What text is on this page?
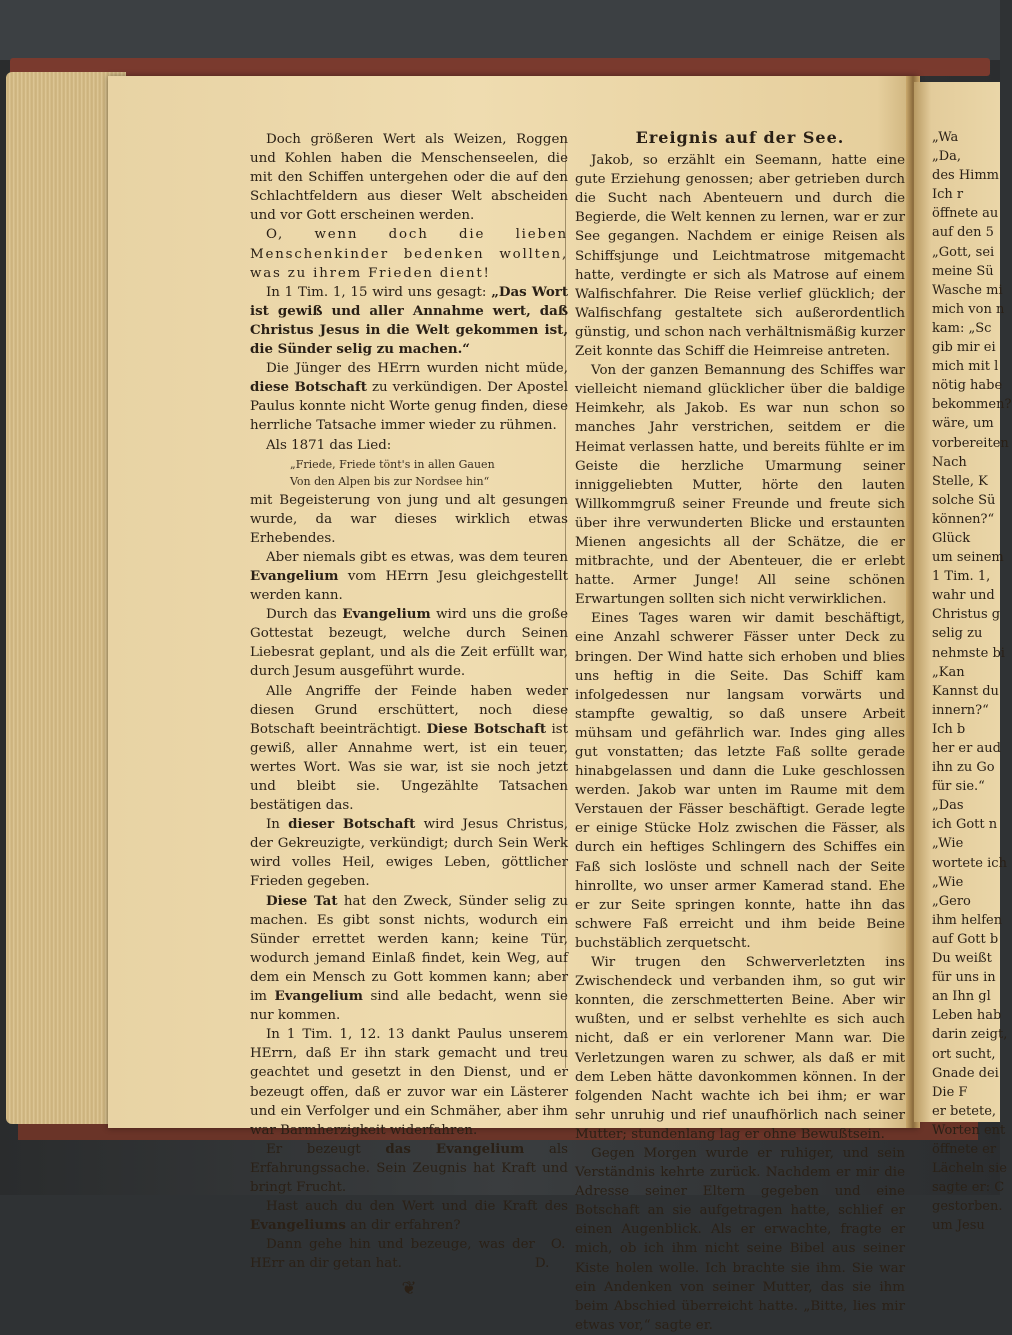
Doch größeren Wert als Weizen, Roggen und Kohlen haben die Menschenseelen, die mit den Schiffen untergehen oder die auf den Schlachtfeldern aus dieser Welt abscheiden und vor Gott erscheinen werden.

O, wenn doch die lieben Menschenkinder bedenken wollten, was zu ihrem Frieden dient!

In 1 Tim. 1, 15 wird uns gesagt: „Das Wort ist gewiß und aller Annahme wert, daß Christus Jesus in die Welt gekommen ist, die Sünder selig zu machen.“

Die Jünger des HErrn wurden nicht müde, diese Botschaft zu verkündigen. Der Apostel Paulus konnte nicht Worte genug finden, diese herrliche Tatsache immer wieder zu rühmen.

Als 1871 das Lied:

„Friede, Friede tönt's in allen Gauen

Von den Alpen bis zur Nordsee hin“

mit Begeisterung von jung und alt gesungen wurde, da war dieses wirklich etwas Erhebendes.

Aber niemals gibt es etwas, was dem teuren Evangelium vom HErrn Jesu gleichgestellt werden kann.

Durch das Evangelium wird uns die große Gottestat bezeugt, welche durch Seinen Liebesrat geplant, und als die Zeit erfüllt war, durch Jesum ausgeführt wurde.

Alle Angriffe der Feinde haben weder diesen Grund erschüttert, noch diese Botschaft beeinträchtigt. Diese Botschaft ist gewiß, aller Annahme wert, ist ein teuer, wertes Wort. Was sie war, ist sie noch jetzt und bleibt sie. Ungezählte Tatsachen bestätigen das.

In dieser Botschaft wird Jesus Christus, der Gekreuzigte, verkündigt; durch Sein Werk wird volles Heil, ewiges Leben, göttlicher Frieden gegeben.

Diese Tat hat den Zweck, Sünder selig zu machen. Es gibt sonst nichts, wodurch ein Sünder errettet werden kann; keine Tür, wodurch jemand Einlaß findet, kein Weg, auf dem ein Mensch zu Gott kommen kann; aber im Evangelium sind alle bedacht, wenn sie nur kommen.

In 1 Tim. 1, 12. 13 dankt Paulus unserem HErrn, daß Er ihn stark gemacht und treu geachtet und gesetzt in den Dienst, und er bezeugt offen, daß er zuvor war ein Lästerer und ein Verfolger und ein Schmäher, aber ihm war Barmherzigkeit widerfahren.

Er bezeugt das Evangelium als Erfahrungssache. Sein Zeugnis hat Kraft und bringt Frucht.

Hast auch du den Wert und die Kraft des Evangeliums an dir erfahren?

Dann gehe hin und bezeuge, was der HErr an dir getan hat.
O. D.

❦
Ereignis auf der See.

Jakob, so erzählt ein Seemann, hatte eine gute Erziehung genossen; aber getrieben durch die Sucht nach Abenteuern und durch die Begierde, die Welt kennen zu lernen, war er zur See gegangen. Nachdem er einige Reisen als Schiffsjunge und Leichtmatrose mitgemacht hatte, verdingte er sich als Matrose auf einem Walfischfahrer. Die Reise verlief glücklich; der Walfischfang gestaltete sich außerordentlich günstig, und schon nach verhältnismäßig kurzer Zeit konnte das Schiff die Heimreise antreten.

Von der ganzen Bemannung des Schiffes war vielleicht niemand glücklicher über die baldige Heimkehr, als Jakob. Es war nun schon so manches Jahr verstrichen, seitdem er die Heimat verlassen hatte, und bereits fühlte er im Geiste die herzliche Umarmung seiner inniggeliebten Mutter, hörte den lauten Willkommgruß seiner Freunde und freute sich über ihre verwunderten Blicke und erstaunten Mienen angesichts all der Schätze, die er mitbrachte, und der Abenteuer, die er erlebt hatte. Armer Junge! All seine schönen Erwartungen sollten sich nicht verwirklichen.

Eines Tages waren wir damit beschäftigt, eine Anzahl schwerer Fässer unter Deck zu bringen. Der Wind hatte sich erhoben und blies uns heftig in die Seite. Das Schiff kam infolgedessen nur langsam vorwärts und stampfte gewaltig, so daß unsere Arbeit mühsam und gefährlich war. Indes ging alles gut vonstatten; das letzte Faß sollte gerade hinabgelassen und dann die Luke geschlossen werden. Jakob war unten im Raume mit dem Verstauen der Fässer beschäftigt. Gerade legte er einige Stücke Holz zwischen die Fässer, als durch ein heftiges Schlingern des Schiffes ein Faß sich loslöste und schnell nach der Seite hinrollte, wo unser armer Kamerad stand. Ehe er zur Seite springen konnte, hatte ihn das schwere Faß erreicht und ihm beide Beine buchstäblich zerquetscht.

Wir trugen den Schwerverletzten ins Zwischendeck und verbanden ihm, so gut wir konnten, die zerschmetterten Beine. Aber wir wußten, und er selbst verhehlte es sich auch nicht, daß er ein verlorener Mann war. Die Verletzungen waren zu schwer, als daß er mit dem Leben hätte davonkommen können. In der folgenden Nacht wachte ich bei ihm; er war sehr unruhig und rief unaufhörlich nach seiner Mutter; stundenlang lag er ohne Bewußtsein.

Gegen Morgen wurde er ruhiger, und sein Verständnis kehrte zurück. Nachdem er mir die Adresse seiner Eltern gegeben und eine Botschaft an sie aufgetragen hatte, schlief er einen Augenblick. Als er erwachte, fragte er mich, ob ich ihm nicht seine Bibel aus seiner Kiste holen wolle. Ich brachte sie ihm. Sie war ein Andenken von seiner Mutter, das sie ihm beim Abschied überreicht hatte. „Bitte, lies mir etwas vor,“ sagte er.

„Wa
„Da,
des Himm
Ich r
öffnete au
auf den 5
„Gott, sei
meine Sü
Wasche mi
mich von n
kam: „Sc
gib mir ei
mich mit l
nötig habe
bekommen?
wäre, um
vorbereiten
Nach
Stelle, K
solche Sü
können?“
Glück
um seinem
1 Tim. 1,
wahr und
Christus g
selig zu
nehmste bi
„Kan
Kannst du
innern?“
Ich b
her er aud
ihn zu Go
für sie.“
„Das
ich Gott n
„Wie
wortete ich
„Wie
„Gero
ihm helfen
auf Gott b
Du weißt
für uns in
an Ihn gl
Leben hab
darin zeigt,
ort sucht,
Gnade dei
Die F
er betete,
Worten ent
öffnete er
Lächeln sie
sagte er: C
gestorben.
um Jesu
